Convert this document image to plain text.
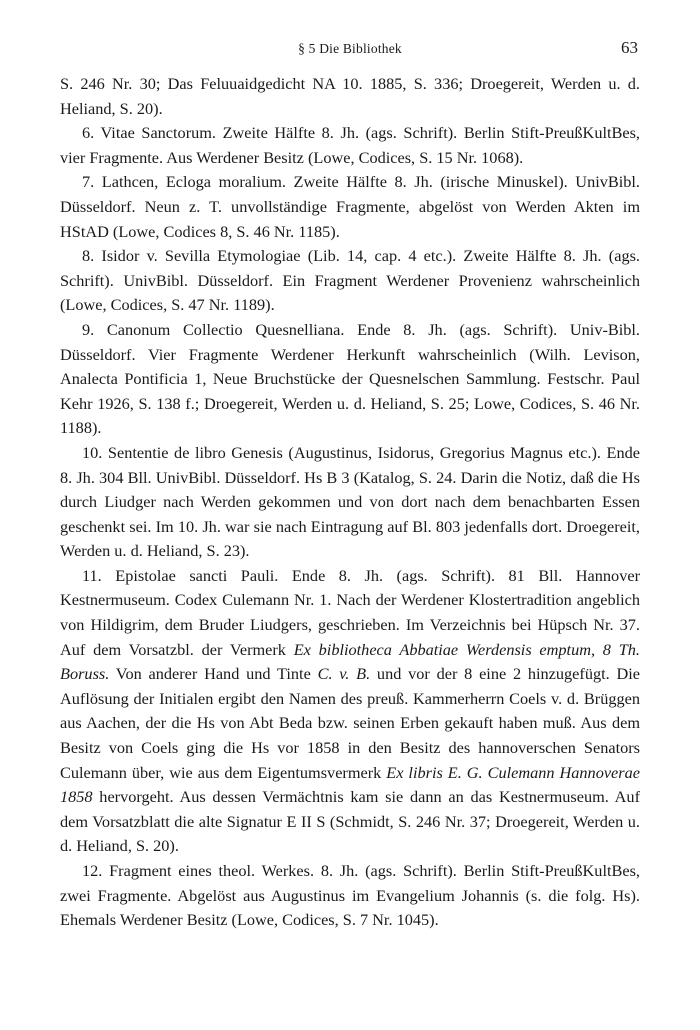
§ 5 Die Bibliothek	63

S. 246 Nr. 30; Das Feluuaidgedicht NA 10. 1885, S. 336; Droegereit, Werden u. d. Heliand, S. 20).

6. Vitae Sanctorum. Zweite Hälfte 8. Jh. (ags. Schrift). Berlin Stift-PreußKultBes, vier Fragmente. Aus Werdener Besitz (Lowe, Codices, S. 15 Nr. 1068).

7. Lathcen, Ecloga moralium. Zweite Hälfte 8. Jh. (irische Minuskel). UnivBibl. Düsseldorf. Neun z. T. unvollständige Fragmente, abgelöst von Werden Akten im HStAD (Lowe, Codices 8, S. 46 Nr. 1185).

8. Isidor v. Sevilla Etymologiae (Lib. 14, cap. 4 etc.). Zweite Hälfte 8. Jh. (ags. Schrift). UnivBibl. Düsseldorf. Ein Fragment Werdener Provenienz wahrscheinlich (Lowe, Codices, S. 47 Nr. 1189).

9. Canonum Collectio Quesnelliana. Ende 8. Jh. (ags. Schrift). Univ-Bibl. Düsseldorf. Vier Fragmente Werdener Herkunft wahrscheinlich (Wilh. Levison, Analecta Pontificia 1, Neue Bruchstücke der Quesnelschen Sammlung. Festschr. Paul Kehr 1926, S. 138 f.; Droegereit, Werden u. d. Heliand, S. 25; Lowe, Codices, S. 46 Nr. 1188).

10. Sententie de libro Genesis (Augustinus, Isidorus, Gregorius Magnus etc.). Ende 8. Jh. 304 Bll. UnivBibl. Düsseldorf. Hs B 3 (Katalog, S. 24. Darin die Notiz, daß die Hs durch Liudger nach Werden gekommen und von dort nach dem benachbarten Essen geschenkt sei. Im 10. Jh. war sie nach Eintragung auf Bl. 803 jedenfalls dort. Droegereit, Werden u. d. Heliand, S. 23).

11. Epistolae sancti Pauli. Ende 8. Jh. (ags. Schrift). 81 Bll. Hannover Kestnermuseum. Codex Culemann Nr. 1. Nach der Werdener Klostertradition angeblich von Hildigrim, dem Bruder Liudgers, geschrieben. Im Verzeichnis bei Hüpsch Nr. 37. Auf dem Vorsatzbl. der Vermerk Ex bibliotheca Abbatiae Werdensis emptum, 8 Th. Boruss. Von anderer Hand und Tinte C. v. B. und vor der 8 eine 2 hinzugefügt. Die Auflösung der Initialen ergibt den Namen des preuß. Kammerherrn Coels v. d. Brüggen aus Aachen, der die Hs von Abt Beda bzw. seinen Erben gekauft haben muß. Aus dem Besitz von Coels ging die Hs vor 1858 in den Besitz des hannoverschen Senators Culemann über, wie aus dem Eigentumsvermerk Ex libris E. G. Culemann Hannoverae 1858 hervorgeht. Aus dessen Vermächtnis kam sie dann an das Kestnermuseum. Auf dem Vorsatzblatt die alte Signatur E II S (Schmidt, S. 246 Nr. 37; Droegereit, Werden u. d. Heliand, S. 20).

12. Fragment eines theol. Werkes. 8. Jh. (ags. Schrift). Berlin Stift-PreußKultBes, zwei Fragmente. Abgelöst aus Augustinus im Evangelium Johannis (s. die folg. Hs). Ehemals Werdener Besitz (Lowe, Codices, S. 7 Nr. 1045).
